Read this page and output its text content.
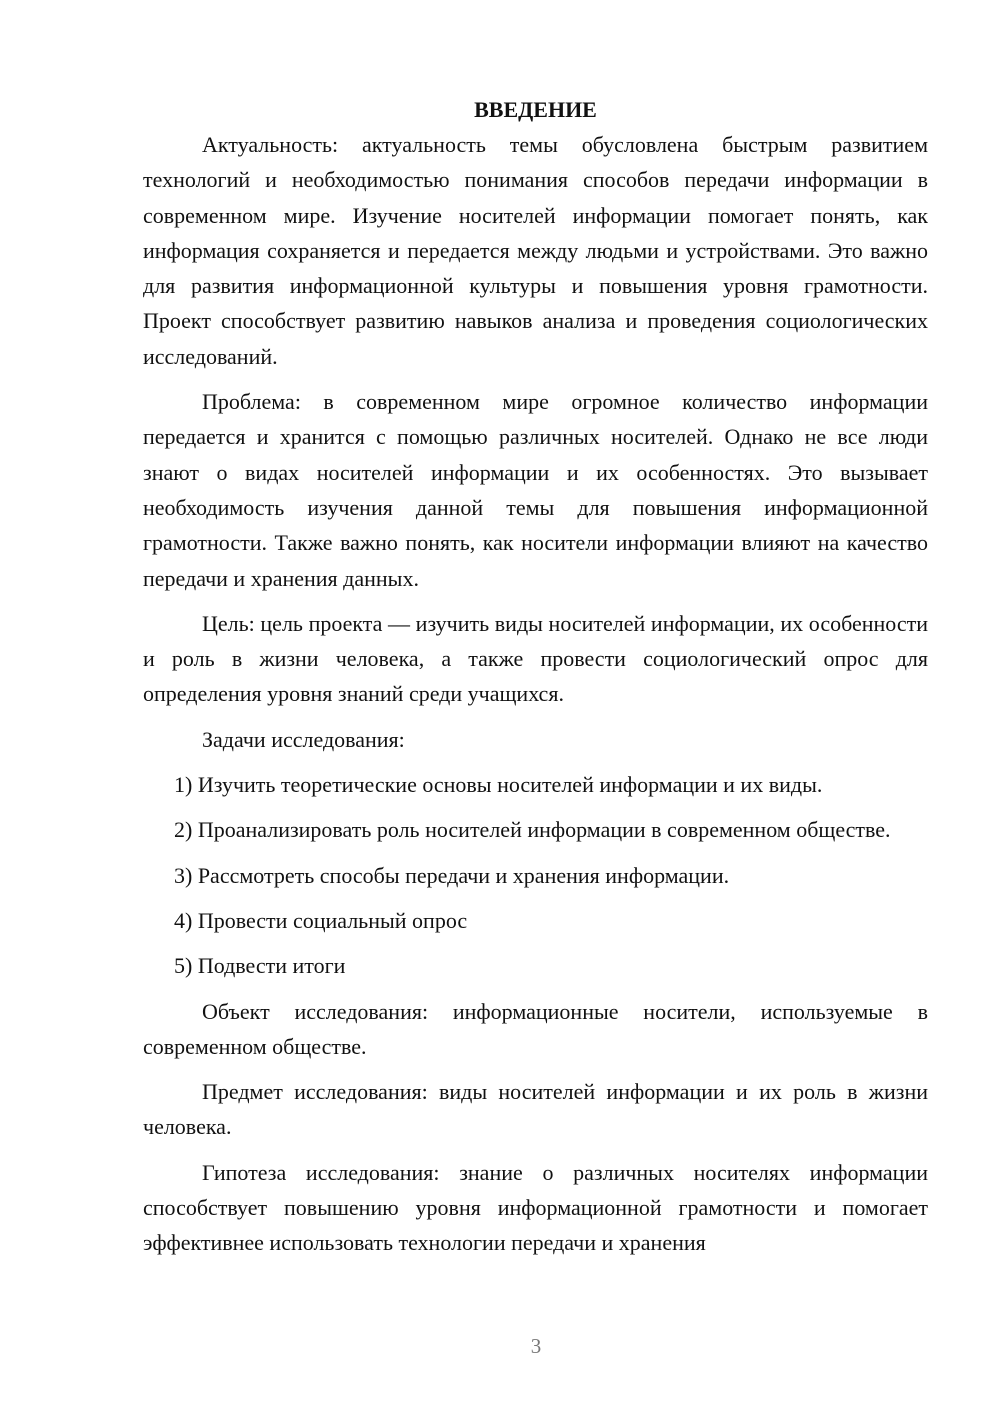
ВВЕДЕНИЕ

Актуальность: актуальность темы обусловлена быстрым развитием технологий и необходимостью понимания способов передачи информации в современном мире. Изучение носителей информации помогает понять, как информация сохраняется и передается между людьми и устройствами. Это важно для развития информационной культуры и повышения уровня грамотности. Проект способствует развитию навыков анализа и проведения социологических исследований.

Проблема: в современном мире огромное количество информации передается и хранится с помощью различных носителей. Однако не все люди знают о видах носителей информации и их особенностях. Это вызывает необходимость изучения данной темы для повышения информационной грамотности. Также важно понять, как носители информации влияют на качество передачи и хранения данных.

Цель: цель проекта — изучить виды носителей информации, их особенности и роль в жизни человека, а также провести социологический опрос для определения уровня знаний среди учащихся.

Задачи исследования:

1) Изучить теоретические основы носителей информации и их виды.

2) Проанализировать роль носителей информации в современном обществе.

3) Рассмотреть способы передачи и хранения информации.

4) Провести социальный опрос

5) Подвести итоги

Объект исследования: информационные носители, используемые в современном обществе.

Предмет исследования: виды носителей информации и их роль в жизни человека.

Гипотеза исследования: знание о различных носителях информации способствует повышению уровня информационной грамотности и помогает эффективнее использовать технологии передачи и хранения

3
